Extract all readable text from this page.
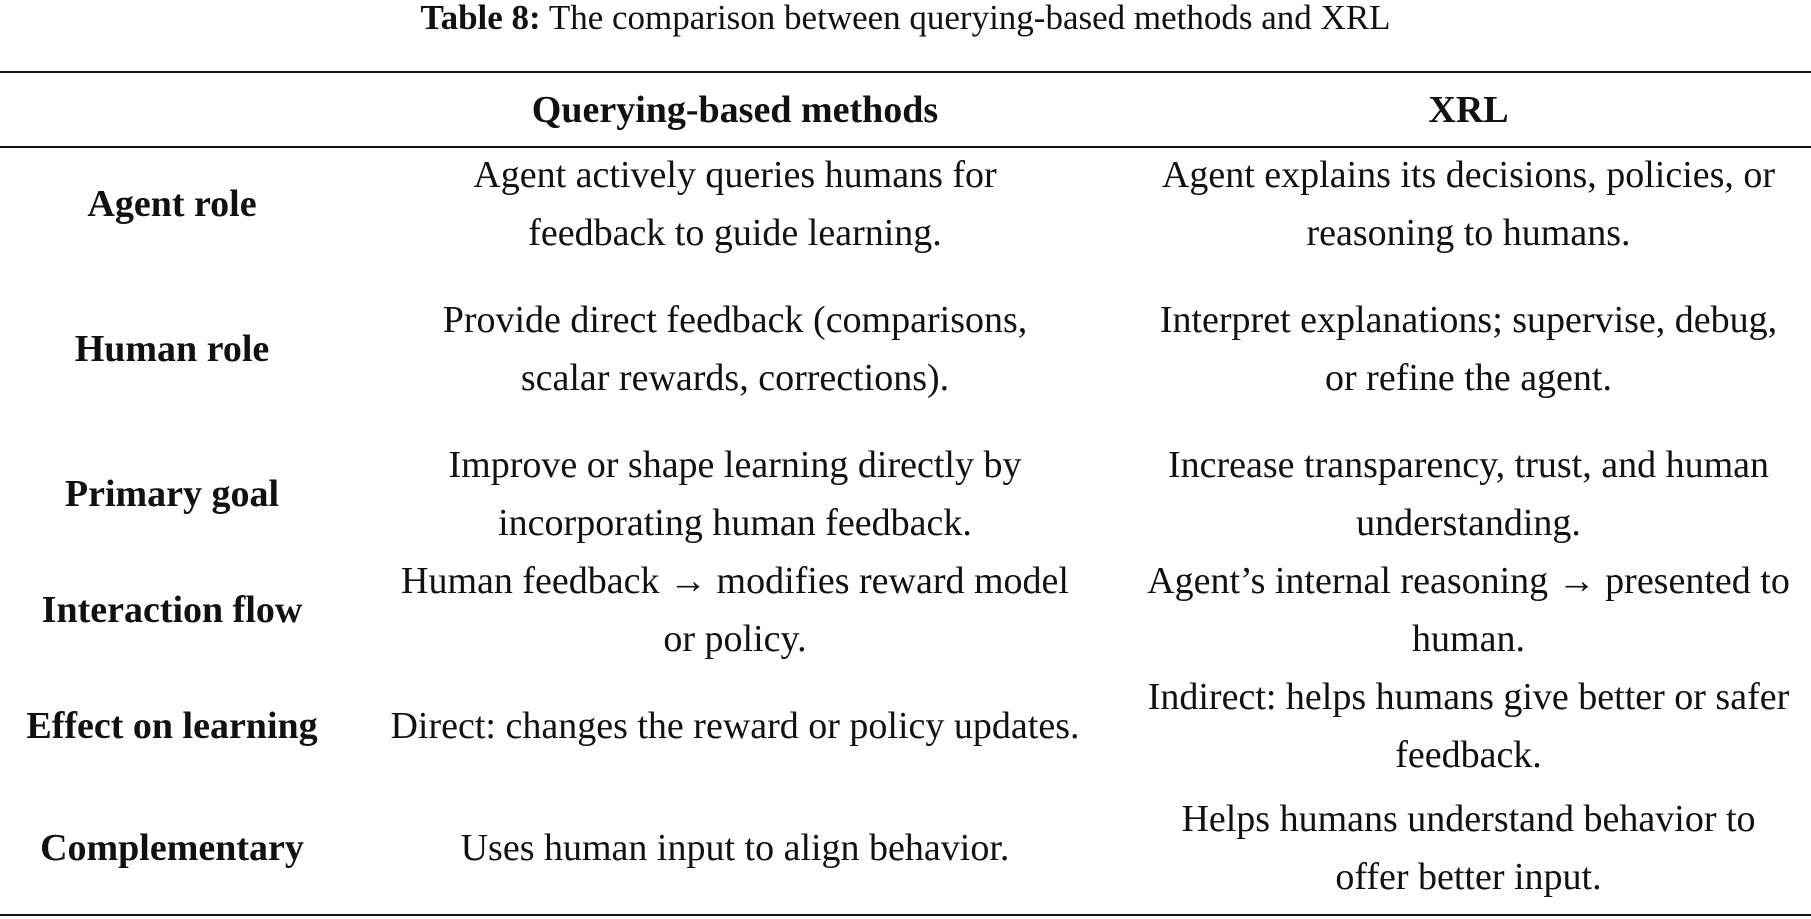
Table 8: The comparison between querying-based methods and XRL
	Querying-based methods	XRL
Agent role	Agent actively queries humans for feedback to guide learning.	Agent explains its decisions, policies, or reasoning to humans.
Human role	Provide direct feedback (comparisons, scalar rewards, corrections).	Interpret explanations; supervise, debug, or refine the agent.
Primary goal	Improve or shape learning directly by incorporating human feedback.	Increase transparency, trust, and human understanding.
Interaction flow	Human feedback → modifies reward model or policy.	Agent’s internal reasoning → presented to human.
Effect on learning	Direct: changes the reward or policy updates.	Indirect: helps humans give better or safer feedback.
Complementary	Uses human input to align behavior.	Helps humans understand behavior to offer better input.
